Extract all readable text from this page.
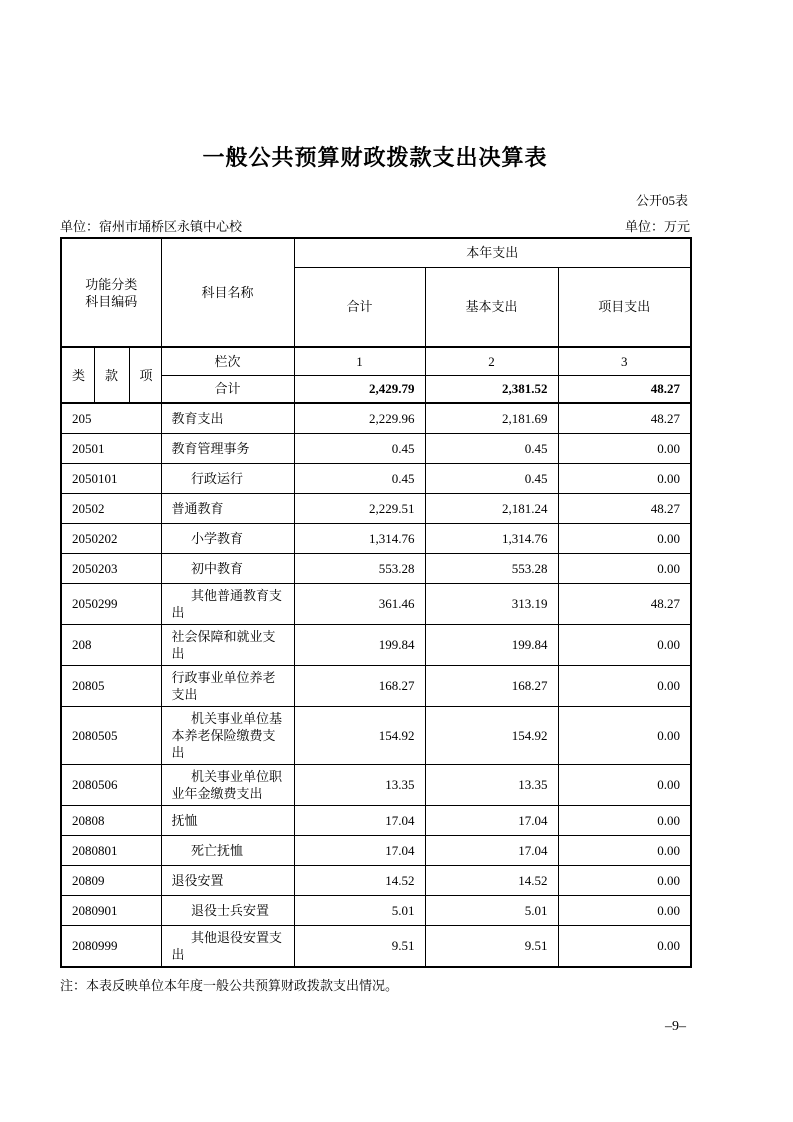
一般公共预算财政拨款支出决算表
公开05表
单位：宿州市埇桥区永镇中心校	单位：万元
功能分类
科目编码			科目名称	本年支出		
				合计	基本支出	项目支出
类	款	项	栏次	1	2	3
			合计	2,429.79	2,381.52	48.27
205			教育支出	2,229.96	2,181.69	48.27
20501			教育管理事务	0.45	0.45	0.00
2050101			行政运行	0.45	0.45	0.00
20502			普通教育	2,229.51	2,181.24	48.27
2050202			小学教育	1,314.76	1,314.76	0.00
2050203			初中教育	553.28	553.28	0.00
2050299			其他普通教育支出	361.46	313.19	48.27
208			社会保障和就业支出	199.84	199.84	0.00
20805			行政事业单位养老支出	168.27	168.27	0.00
2080505			机关事业单位基本养老保险缴费支出	154.92	154.92	0.00
2080506			机关事业单位职业年金缴费支出	13.35	13.35	0.00
20808			抚恤	17.04	17.04	0.00
2080801			死亡抚恤	17.04	17.04	0.00
20809			退役安置	14.52	14.52	0.00
2080901			退役士兵安置	5.01	5.01	0.00
2080999			其他退役安置支出	9.51	9.51	0.00
注：本表反映单位本年度一般公共预算财政拨款支出情况。
–9–
